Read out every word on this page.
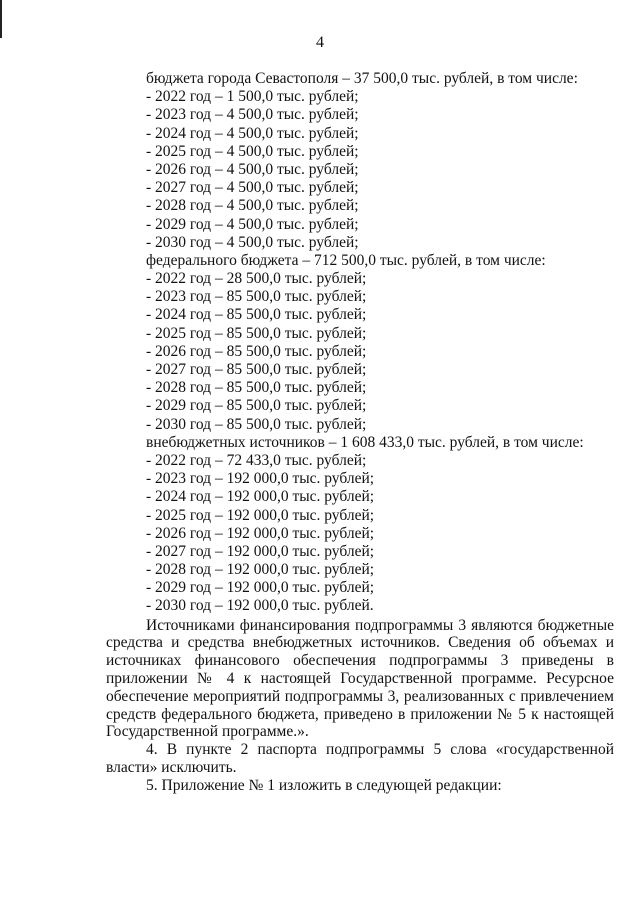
4
бюджета города Севастополя – 37 500,0 тыс. рублей, в том числе:
- 2022 год – 1 500,0 тыс. рублей;
- 2023 год – 4 500,0 тыс. рублей;
- 2024 год – 4 500,0 тыс. рублей;
- 2025 год – 4 500,0 тыс. рублей;
- 2026 год – 4 500,0 тыс. рублей;
- 2027 год – 4 500,0 тыс. рублей;
- 2028 год – 4 500,0 тыс. рублей;
- 2029 год – 4 500,0 тыс. рублей;
- 2030 год – 4 500,0 тыс. рублей;
федерального бюджета – 712 500,0 тыс. рублей, в том числе:
- 2022 год – 28 500,0 тыс. рублей;
- 2023 год – 85 500,0 тыс. рублей;
- 2024 год – 85 500,0 тыс. рублей;
- 2025 год – 85 500,0 тыс. рублей;
- 2026 год – 85 500,0 тыс. рублей;
- 2027 год – 85 500,0 тыс. рублей;
- 2028 год – 85 500,0 тыс. рублей;
- 2029 год – 85 500,0 тыс. рублей;
- 2030 год – 85 500,0 тыс. рублей;
внебюджетных источников – 1 608 433,0 тыс. рублей, в том числе:
- 2022 год – 72 433,0 тыс. рублей;
- 2023 год – 192 000,0 тыс. рублей;
- 2024 год – 192 000,0 тыс. рублей;
- 2025 год – 192 000,0 тыс. рублей;
- 2026 год – 192 000,0 тыс. рублей;
- 2027 год – 192 000,0 тыс. рублей;
- 2028 год – 192 000,0 тыс. рублей;
- 2029 год – 192 000,0 тыс. рублей;
- 2030 год – 192 000,0 тыс. рублей.

Источниками финансирования подпрограммы 3 являются бюджетные средства и средства внебюджетных источников. Сведения об объемах и источниках финансового обеспечения подпрограммы 3 приведены в приложении № 4 к настоящей Государственной программе. Ресурсное обеспечение мероприятий подпрограммы 3, реализованных с привлечением средств федерального бюджета, приведено в приложении № 5 к настоящей Государственной программе.».

4. В пункте 2 паспорта подпрограммы 5 слова «государственной власти» исключить.

5. Приложение № 1 изложить в следующей редакции:
